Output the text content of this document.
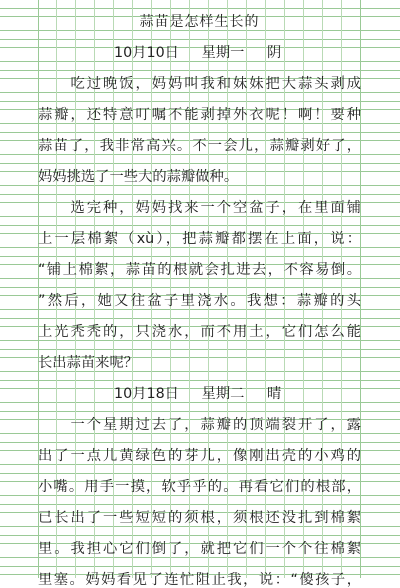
蒜苗是怎样生长的
10月10日 星期一 阴
　　吃过晚饭，妈妈叫我和妹妹把大蒜头剥成
蒜瓣，还特意叮嘱不能剥掉外衣呢！啊！要种
蒜苗了，我非常高兴。不一会儿，蒜瓣剥好了，
妈妈挑选了一些大的蒜瓣做种。
　　选完种，妈妈找来一个空盆子，在里面铺
上一层棉絮（xù），把蒜瓣都摆在上面，说：
“铺上棉絮，蒜苗的根就会扎进去，不容易倒。
”然后，她又往盆子里浇水。我想：蒜瓣的头
上光秃秃的，只浇水，而不用土，它们怎么能
长出蒜苗来呢？
10月18日 星期二 晴
　　一个星期过去了，蒜瓣的顶端裂开了，露
出了一点儿黄绿色的芽儿，像刚出壳的小鸡的
小嘴。用手一摸，软乎乎的。再看它们的根部，
已长出了一些短短的须根，须根还没扎到棉絮
里。我担心它们倒了，就把它们一个个往棉絮
里塞。妈妈看见了连忙阻止我，说：“傻孩子，
